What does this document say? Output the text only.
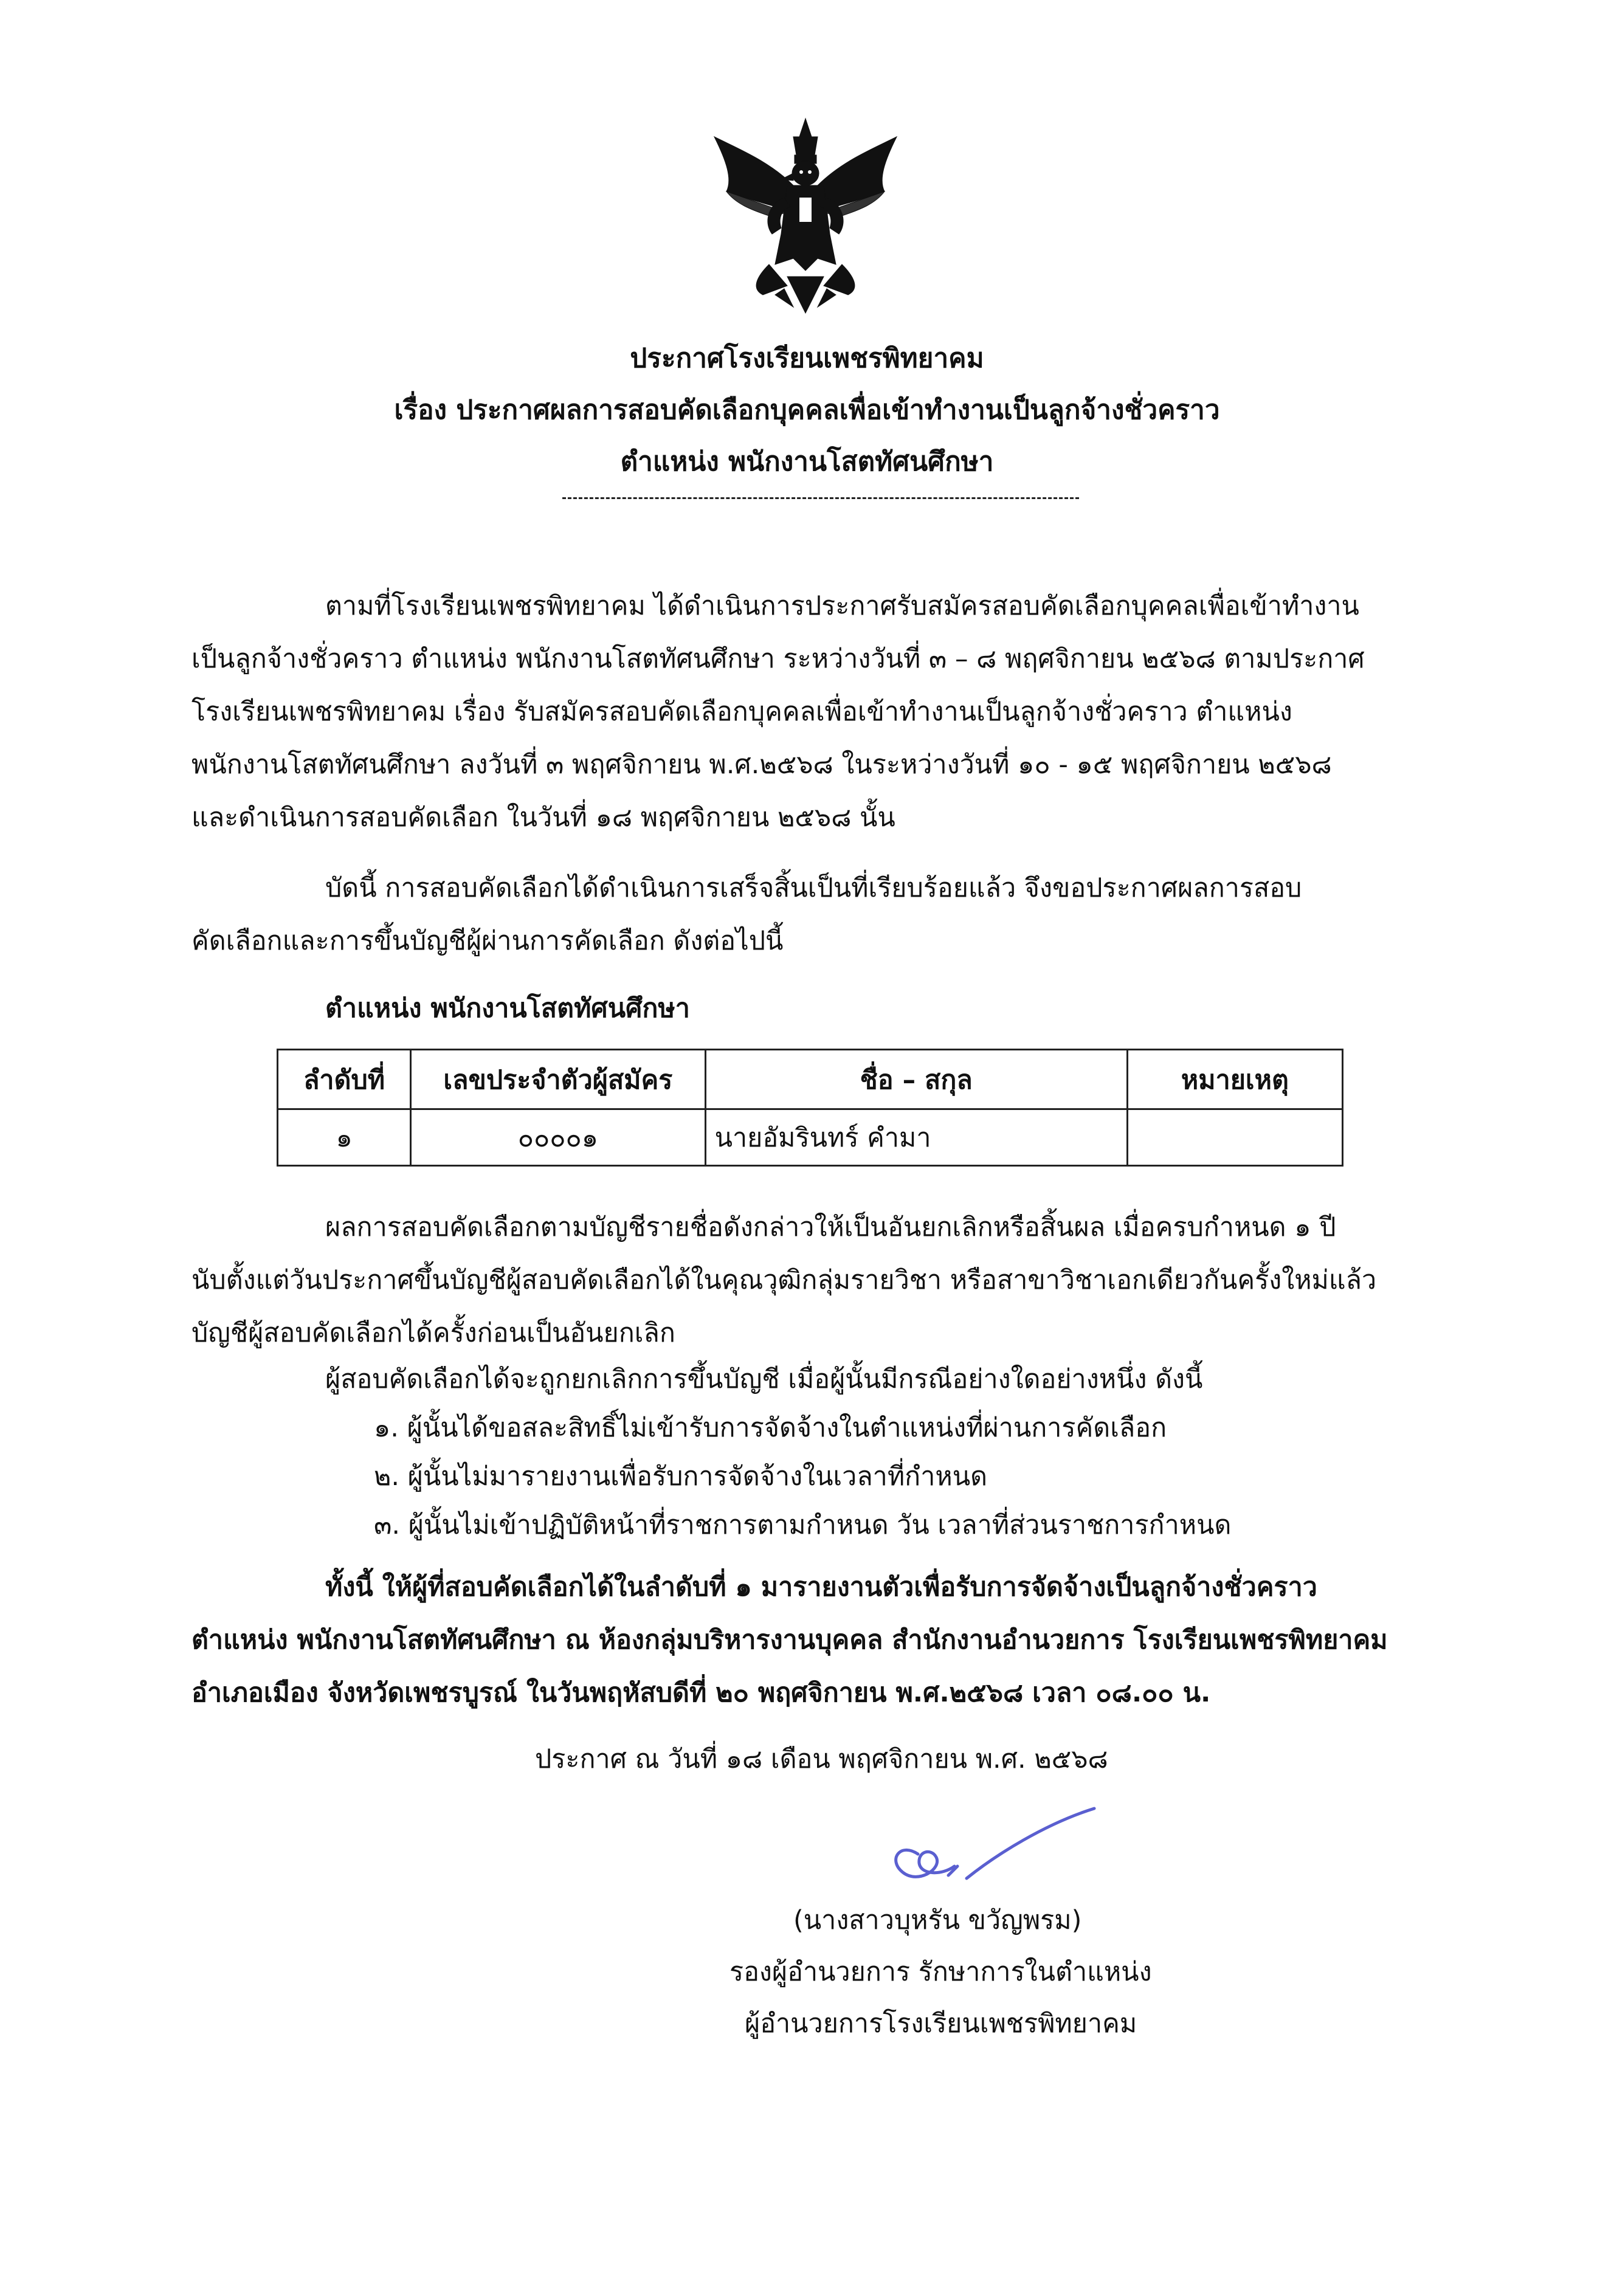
ประกาศโรงเรียนเพชรพิทยาคม
เรื่อง ประกาศผลการสอบคัดเลือกบุคคลเพื่อเข้าทำงานเป็นลูกจ้างชั่วคราว
ตำแหน่ง พนักงานโสตทัศนศึกษา
ตามที่โรงเรียนเพชรพิทยาคม ได้ดำเนินการประกาศรับสมัครสอบคัดเลือกบุคคลเพื่อเข้าทำงาน
เป็นลูกจ้างชั่วคราว ตำแหน่ง พนักงานโสตทัศนศึกษา ระหว่างวันที่ ๓ – ๘ พฤศจิกายน ๒๕๖๘ ตามประกาศ
โรงเรียนเพชรพิทยาคม เรื่อง รับสมัครสอบคัดเลือกบุคคลเพื่อเข้าทำงานเป็นลูกจ้างชั่วคราว ตำแหน่ง
พนักงานโสตทัศนศึกษา ลงวันที่ ๓ พฤศจิกายน พ.ศ.๒๕๖๘ ในระหว่างวันที่ ๑๐ - ๑๕ พฤศจิกายน ๒๕๖๘
และดำเนินการสอบคัดเลือก ในวันที่ ๑๘ พฤศจิกายน ๒๕๖๘ นั้น
บัดนี้ การสอบคัดเลือกได้ดำเนินการเสร็จสิ้นเป็นที่เรียบร้อยแล้ว จึงขอประกาศผลการสอบ
คัดเลือกและการขึ้นบัญชีผู้ผ่านการคัดเลือก ดังต่อไปนี้
ตำแหน่ง พนักงานโสตทัศนศึกษา
ลำดับที่	เลขประจำตัวผู้สมัคร	ชื่อ – สกุล	หมายเหตุ
๑	๐๐๐๐๑	นายอัมรินทร์ คำมา	
ผลการสอบคัดเลือกตามบัญชีรายชื่อดังกล่าวให้เป็นอันยกเลิกหรือสิ้นผล เมื่อครบกำหนด ๑ ปี
นับตั้งแต่วันประกาศขึ้นบัญชีผู้สอบคัดเลือกได้ในคุณวุฒิกลุ่มรายวิชา หรือสาขาวิชาเอกเดียวกันครั้งใหม่แล้ว
บัญชีผู้สอบคัดเลือกได้ครั้งก่อนเป็นอันยกเลิก
ผู้สอบคัดเลือกได้จะถูกยกเลิกการขึ้นบัญชี เมื่อผู้นั้นมีกรณีอย่างใดอย่างหนึ่ง ดังนี้
๑. ผู้นั้นได้ขอสละสิทธิ์ไม่เข้ารับการจัดจ้างในตำแหน่งที่ผ่านการคัดเลือก
๒. ผู้นั้นไม่มารายงานเพื่อรับการจัดจ้างในเวลาที่กำหนด
๓. ผู้นั้นไม่เข้าปฏิบัติหน้าที่ราชการตามกำหนด วัน เวลาที่ส่วนราชการกำหนด
ทั้งนี้ ให้ผู้ที่สอบคัดเลือกได้ในลำดับที่ ๑ มารายงานตัวเพื่อรับการจัดจ้างเป็นลูกจ้างชั่วคราว
ตำแหน่ง พนักงานโสตทัศนศึกษา ณ ห้องกลุ่มบริหารงานบุคคล สำนักงานอำนวยการ โรงเรียนเพชรพิทยาคม
อำเภอเมือง จังหวัดเพชรบูรณ์ ในวันพฤหัสบดีที่ ๒๐ พฤศจิกายน พ.ศ.๒๕๖๘ เวลา ๐๘.๐๐ น.
ประกาศ ณ วันที่ ๑๘ เดือน พฤศจิกายน พ.ศ. ๒๕๖๘
(นางสาวบุหรัน ขวัญพรม)
รองผู้อำนวยการ รักษาการในตำแหน่ง
ผู้อำนวยการโรงเรียนเพชรพิทยาคม
